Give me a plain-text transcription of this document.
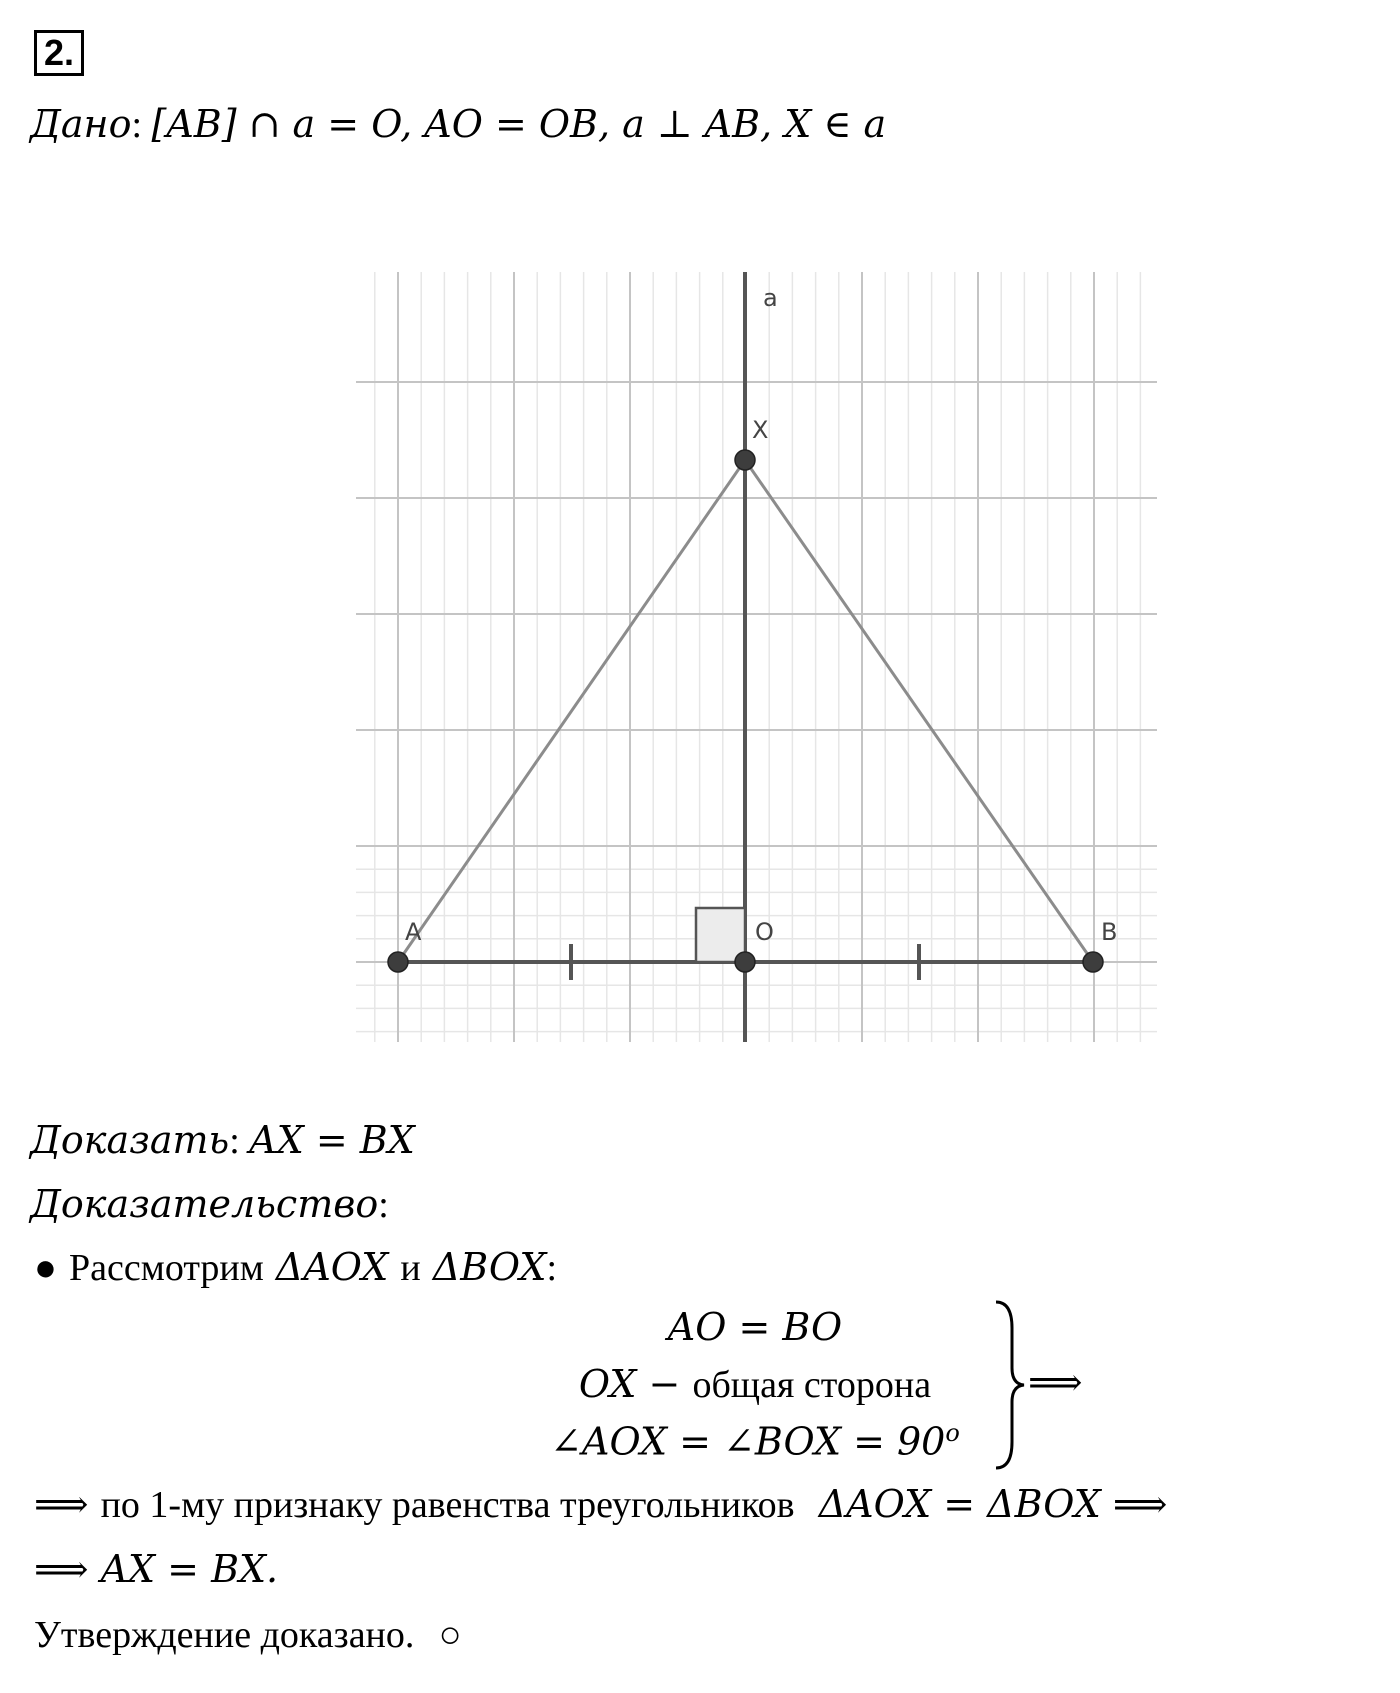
2.
Дано: [AB] ∩ a = O, AO = OB, a ⊥ AB, X ∈ a
a
X
A	O	B
Доказать: AX = BX
Доказательство:
● Рассмотрим ΔAOX и ΔBOX:
AO = BO
OX − общая сторона
∠AOX = ∠BOX = $90^o$
⟹
⟹ по 1-му признаку равенства треугольников ΔAOX = ΔBOX ⟹
⟹ AX = BX.
Утверждение доказано. ○
